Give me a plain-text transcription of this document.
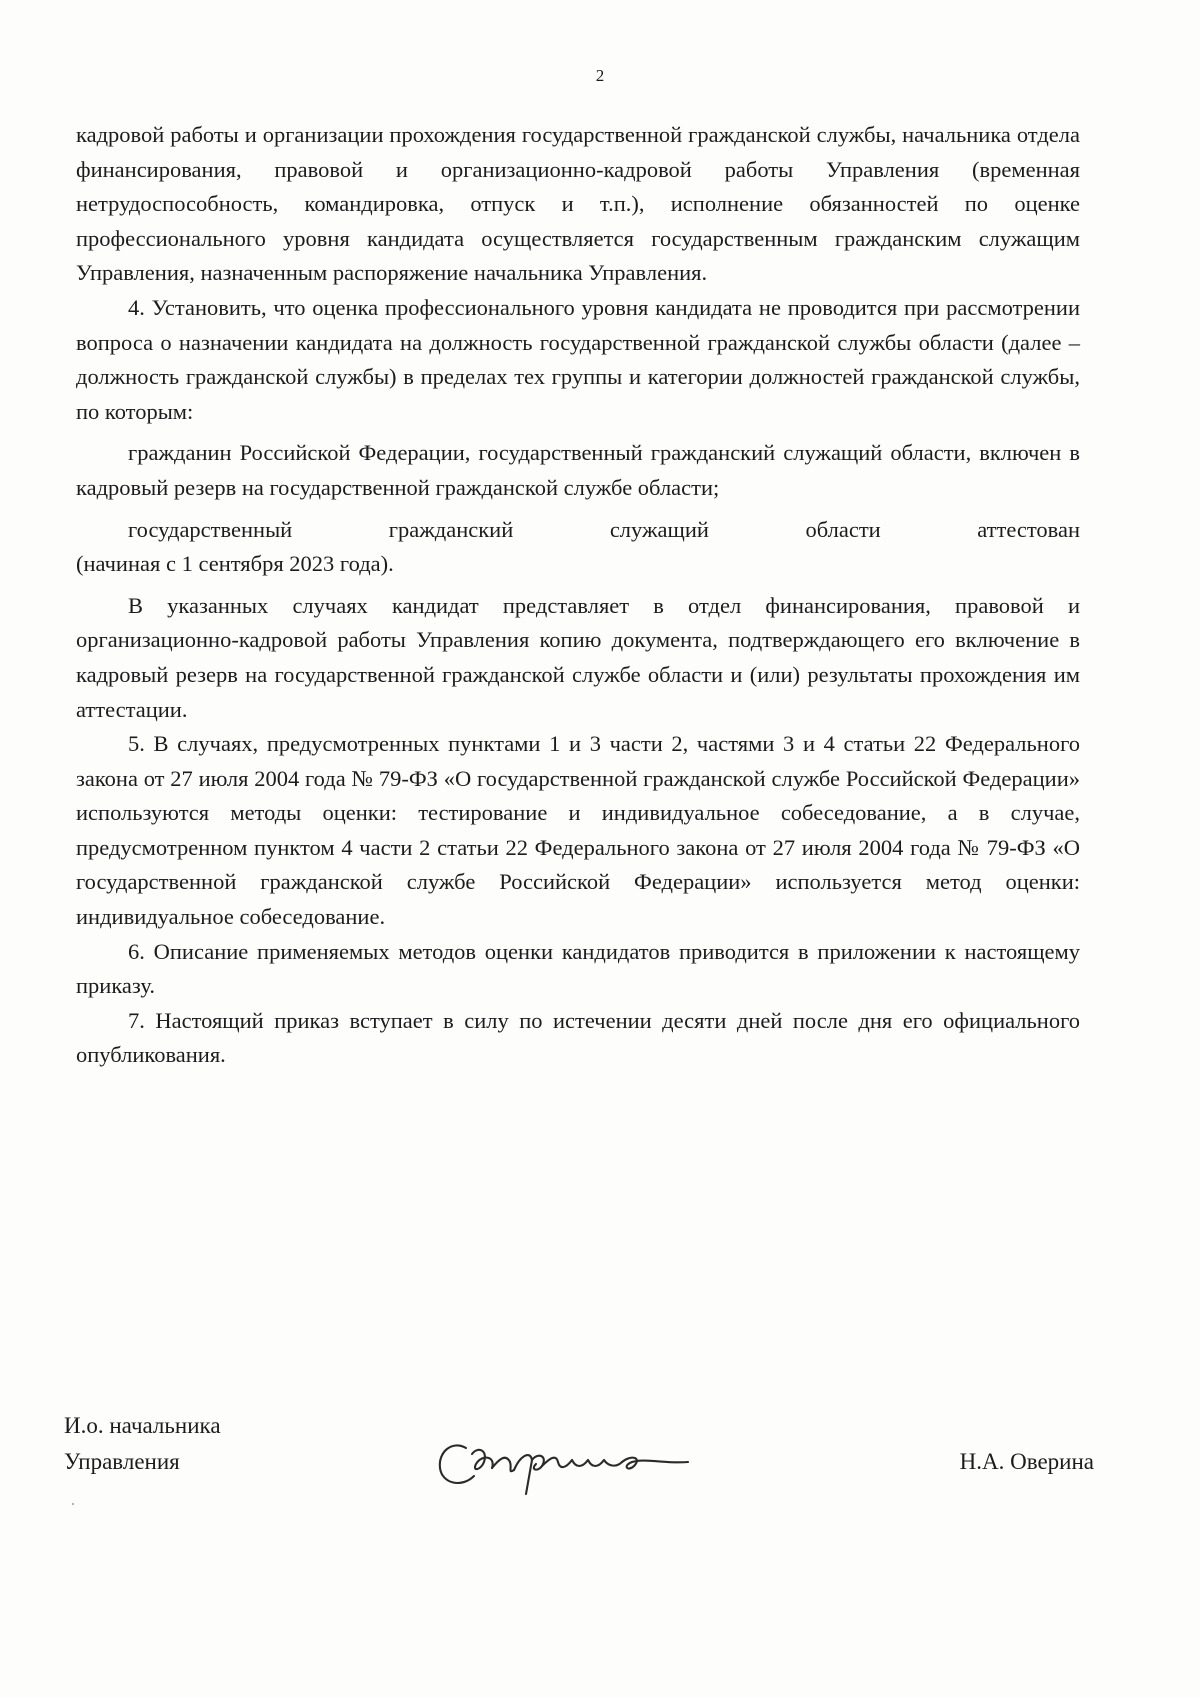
2

кадровой работы и организации прохождения государственной гражданской службы, начальника отдела финансирования, правовой и организационно-кадровой работы Управления (временная нетрудоспособность, командировка, отпуск и т.п.), исполнение обязанностей по оценке профессионального уровня кандидата осуществляется государственным гражданским служащим Управления, назначенным распоряжение начальника Управления.

4. Установить, что оценка профессионального уровня кандидата не проводится при рассмотрении вопроса о назначении кандидата на должность государственной гражданской службы области (далее – должность гражданской службы) в пределах тех группы и категории должностей гражданской службы, по которым:

гражданин Российской Федерации, государственный гражданский служащий области, включен в кадровый резерв на государственной гражданской службе области;

государственный гражданский служащий области аттестован

(начиная с 1 сентября 2023 года).

В указанных случаях кандидат представляет в отдел финансирования, правовой и организационно-кадровой работы Управления копию документа, подтверждающего его включение в кадровый резерв на государственной гражданской службе области и (или) результаты прохождения им аттестации.

5. В случаях, предусмотренных пунктами 1 и 3 части 2, частями 3 и 4 статьи 22 Федерального закона от 27 июля 2004 года № 79-ФЗ «О государственной гражданской службе Российской Федерации» используются методы оценки: тестирование и индивидуальное собеседование, а в случае, предусмотренном пунктом 4 части 2 статьи 22 Федерального закона от 27 июля 2004 года № 79-ФЗ «О государственной гражданской службе Российской Федерации» используется метод оценки: индивидуальное собеседование.

6. Описание применяемых методов оценки кандидатов приводится в приложении к настоящему приказу.

7. Настоящий приказ вступает в силу по истечении десяти дней после дня его официального опубликования.

И.о. начальника
Управления	Н.А. Оверина
